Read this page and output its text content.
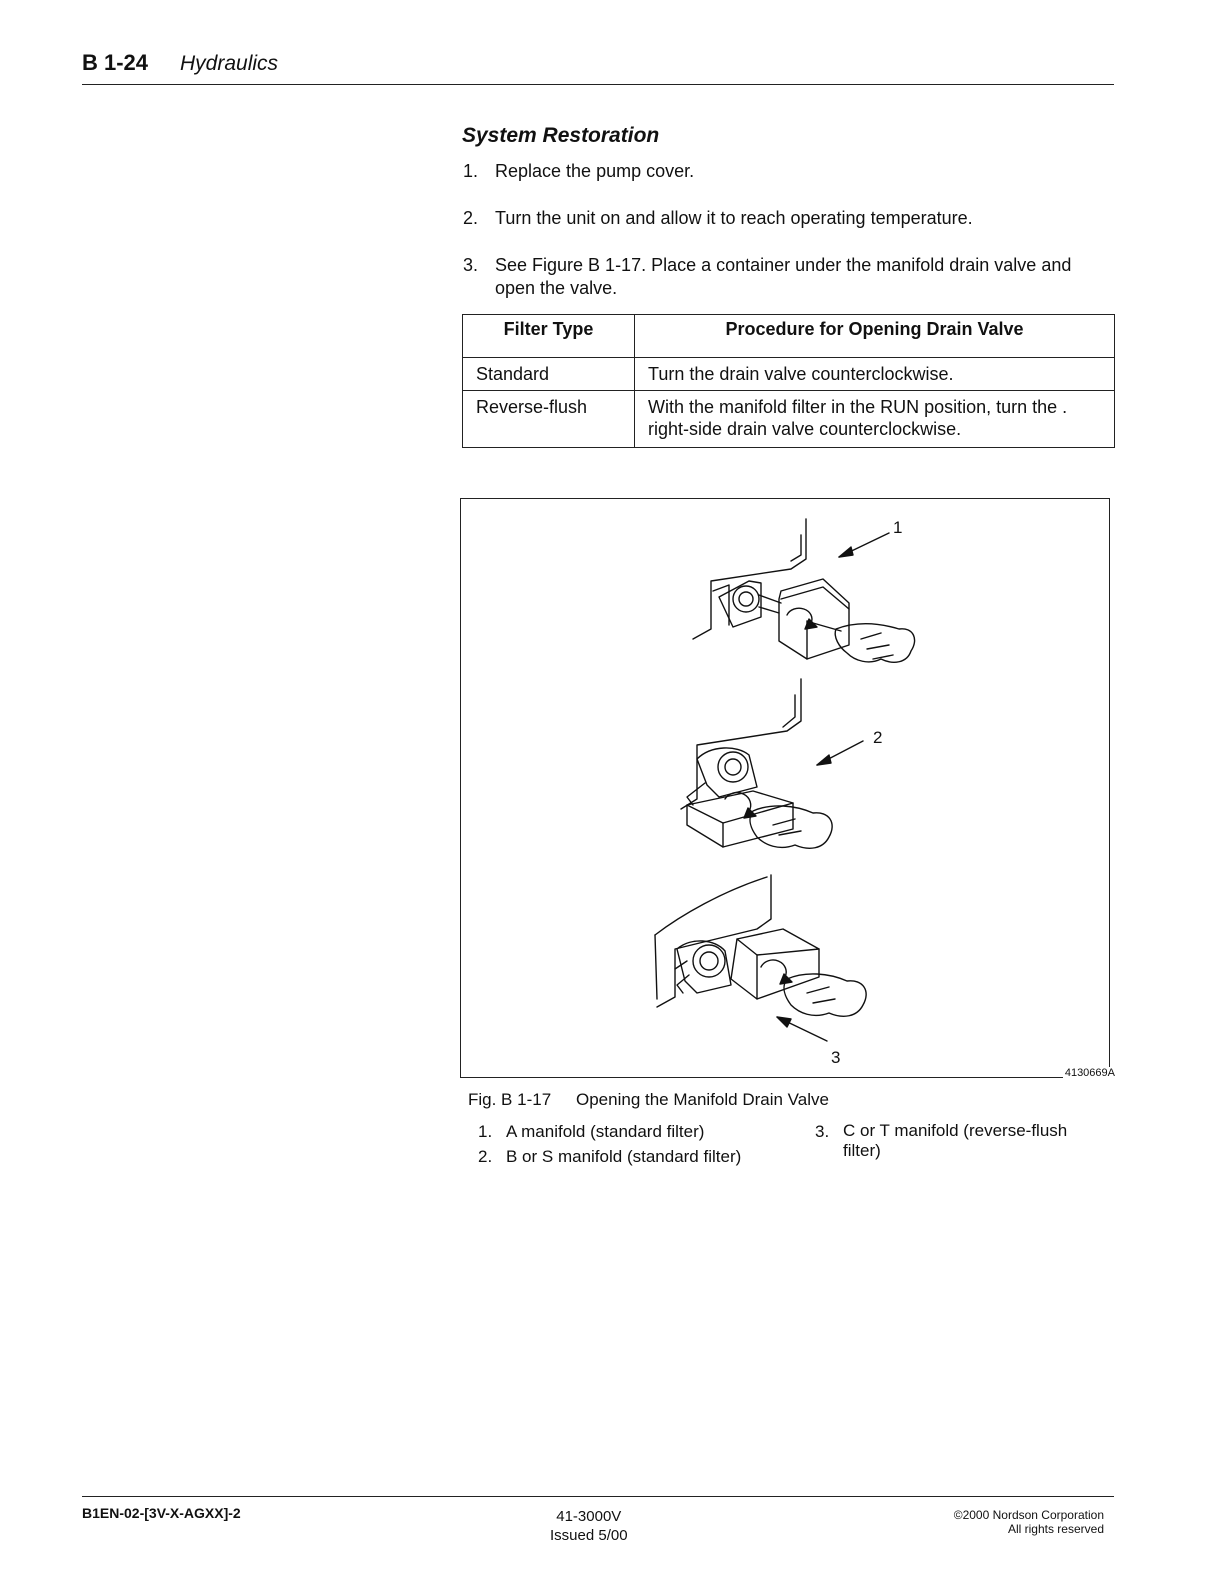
B 1-24 Hydraulics
System Restoration
1. Replace the pump cover.
2. Turn the unit on and allow it to reach operating temperature.
3. See Figure B 1-17. Place a container under the manifold drain valve and open the valve.
Filter Type	Procedure for Opening Drain Valve
Standard	Turn the drain valve counterclockwise.
Reverse-flush	With the manifold filter in the RUN position, turn the . right-side drain valve counterclockwise.
1
2
3
4130669A
Fig. B 1-17 Opening the Manifold Drain Valve
1. A manifold (standard filter)
2. B or S manifold (standard filter)
3. C or T manifold (reverse-flush filter)
B1EN-02-[3V-X-AGXX]-2	41-3000V
Issued 5/00
©2000 Nordson Corporation
All rights reserved
